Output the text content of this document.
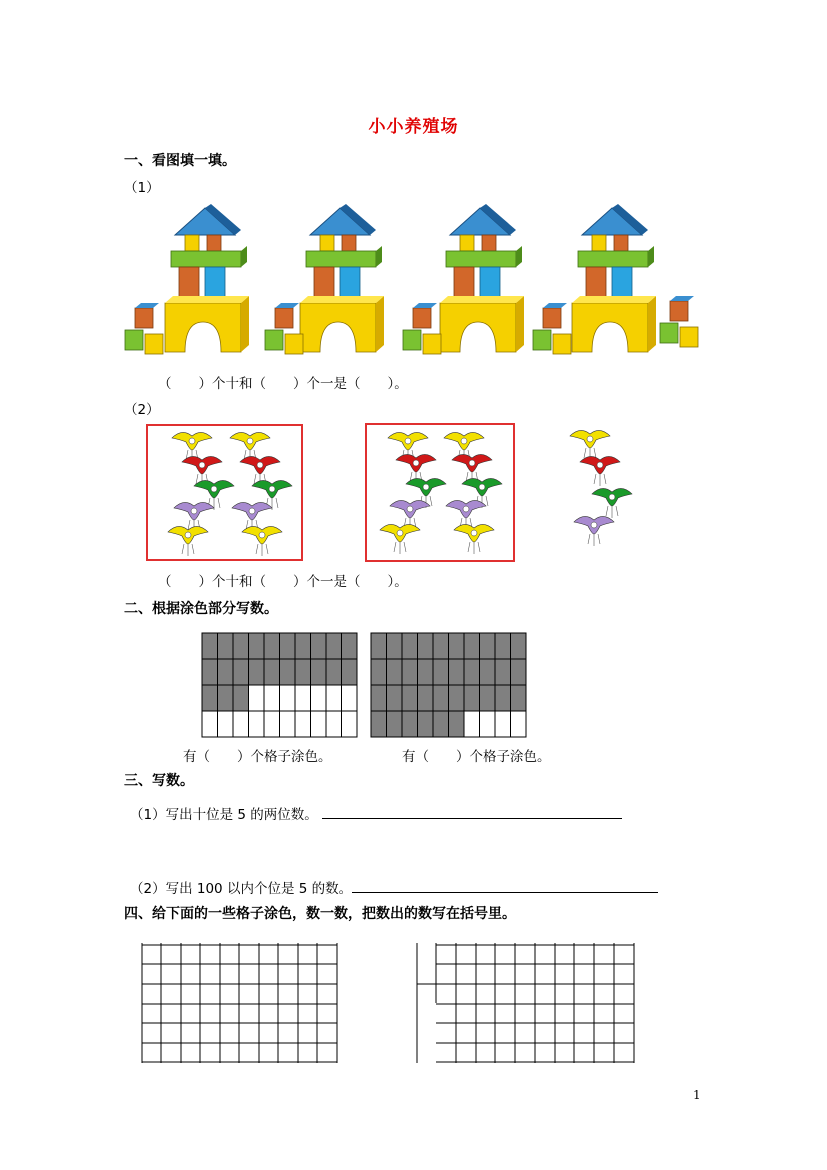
小小养殖场
一、看图填一填。
（1）
（　　）个十和（　　）个一是（　　）。
（2）
（　　）个十和（　　）个一是（　　）。
二、根据涂色部分写数。
有（　　）个格子涂色。	有（　　）个格子涂色。
三、写数。
（1）写出十位是 5 的两位数。
（2）写出 100 以内个位是 5 的数。
四、给下面的一些格子涂色，数一数，把数出的数写在括号里。
1
